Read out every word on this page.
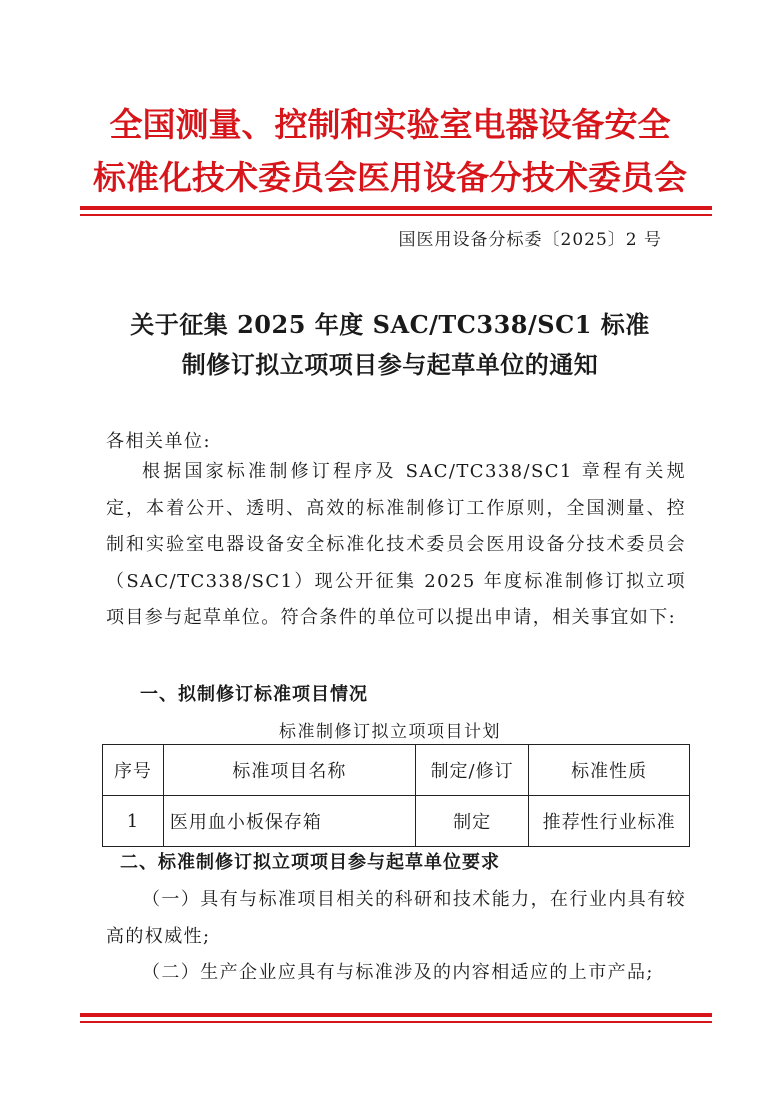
全国测量、控制和实验室电器设备安全
标准化技术委员会医用设备分技术委员会
国医用设备分标委〔2025〕2 号
关于征集 2025 年度 SAC/TC338/SC1 标准
制修订拟立项项目参与起草单位的通知
各相关单位:
根据国家标准制修订程序及 SAC/TC338/SC1 章程有关规定，本着公开、透明、高效的标准制修订工作原则，全国测量、控制和实验室电器设备安全标准化技术委员会医用设备分技术委员会（SAC/TC338/SC1）现公开征集 2025 年度标准制修订拟立项项目参与起草单位。符合条件的单位可以提出申请，相关事宜如下:
一、拟制修订标准项目情况
标准制修订拟立项项目计划
序号	标准项目名称	制定/修订	标准性质
1	医用血小板保存箱	制定	推荐性行业标准
二、标准制修订拟立项项目参与起草单位要求
（一）具有与标准项目相关的科研和技术能力，在行业内具有较高的权威性;
（二）生产企业应具有与标准涉及的内容相适应的上市产品;
